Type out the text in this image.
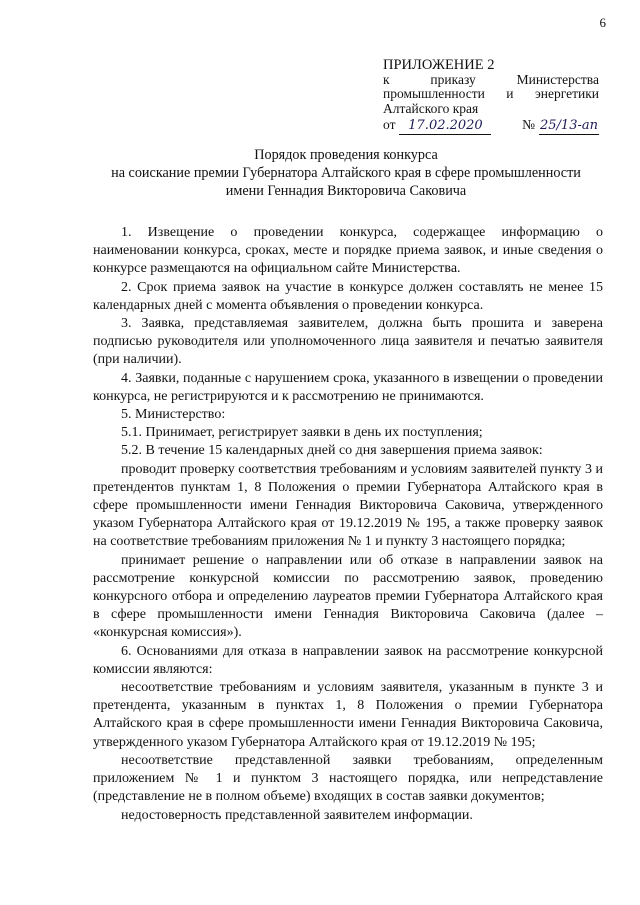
6
ПРИЛОЖЕНИЕ 2
к приказу Министерства
промышленности и энергетики
Алтайского края
от 17.02.2020	№ 25/13-ап
Порядок проведения конкурса
на соискание премии Губернатора Алтайского края в сфере промышленности
имени Геннадия Викторовича Саковича

1. Извещение о проведении конкурса, содержащее информацию о наименовании конкурса, сроках, месте и порядке приема заявок, и иные сведения о конкурсе размещаются на официальном сайте Министерства.

2. Срок приема заявок на участие в конкурсе должен составлять не менее 15 календарных дней с момента объявления о проведении конкурса.

3. Заявка, представляемая заявителем, должна быть прошита и заверена подписью руководителя или уполномоченного лица заявителя и печатью заявителя (при наличии).

4. Заявки, поданные с нарушением срока, указанного в извещении о проведении конкурса, не регистрируются и к рассмотрению не принимаются.

5. Министерство:

5.1. Принимает, регистрирует заявки в день их поступления;

5.2. В течение 15 календарных дней со дня завершения приема заявок:

проводит проверку соответствия требованиям и условиям заявителей пункту 3 и претендентов пунктам 1, 8 Положения о премии Губернатора Алтайского края в сфере промышленности имени Геннадия Викторовича Саковича, утвержденного указом Губернатора Алтайского края от 19.12.2019 № 195, а также проверку заявок на соответствие требованиям приложения № 1 и пункту 3 настоящего порядка;

принимает решение о направлении или об отказе в направлении заявок на рассмотрение конкурсной комиссии по рассмотрению заявок, проведению конкурсного отбора и определению лауреатов премии Губернатора Алтайского края в сфере промышленности имени Геннадия Викторовича Саковича (далее – «конкурсная комиссия»).

6. Основаниями для отказа в направлении заявок на рассмотрение конкурсной комиссии являются:

несоответствие требованиям и условиям заявителя, указанным в пункте 3 и претендента, указанным в пунктах 1, 8 Положения о премии Губернатора Алтайского края в сфере промышленности имени Геннадия Викторовича Саковича, утвержденного указом Губернатора Алтайского края от 19.12.2019 № 195;

несоответствие представленной заявки требованиям, определенным приложением № 1 и пунктом 3 настоящего порядка, или непредставление (представление не в полном объеме) входящих в состав заявки документов;

недостоверность представленной заявителем информации.
